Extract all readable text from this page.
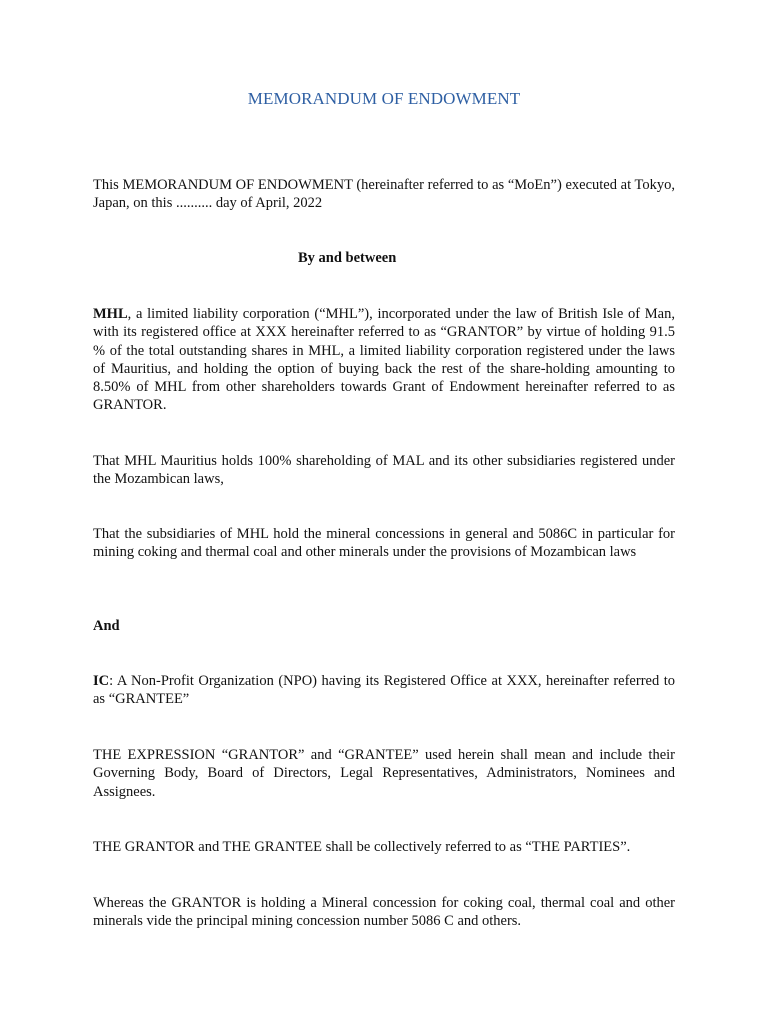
MEMORANDUM OF ENDOWMENT
This MEMORANDUM OF ENDOWMENT (hereinafter referred to as “MoEn”) executed at Tokyo, Japan, on this .......... day of April, 2022
By and between
MHL, a limited liability corporation (“MHL”), incorporated under the law of British Isle of Man, with its registered office at XXX hereinafter referred to as “GRANTOR” by virtue of holding 91.5 % of the total outstanding shares in MHL, a limited liability corporation registered under the laws of Mauritius, and holding the option of buying back the rest of the share-holding amounting to 8.50% of MHL from other shareholders towards Grant of Endowment hereinafter referred to as GRANTOR.
That MHL Mauritius holds 100% shareholding of MAL and its other subsidiaries registered under the Mozambican laws,
That the subsidiaries of MHL hold the mineral concessions in general and 5086C in particular for mining coking and thermal coal and other minerals under the provisions of Mozambican laws
And
IC: A Non-Profit Organization (NPO) having its Registered Office at XXX, hereinafter referred to as “GRANTEE”
THE EXPRESSION “GRANTOR” and “GRANTEE” used herein shall mean and include their Governing Body, Board of Directors, Legal Representatives, Administrators, Nominees and Assignees.
THE GRANTOR and THE GRANTEE shall be collectively referred to as “THE PARTIES”.
Whereas the GRANTOR is holding a Mineral concession for coking coal, thermal coal and other minerals vide the principal mining concession number 5086 C and others.
